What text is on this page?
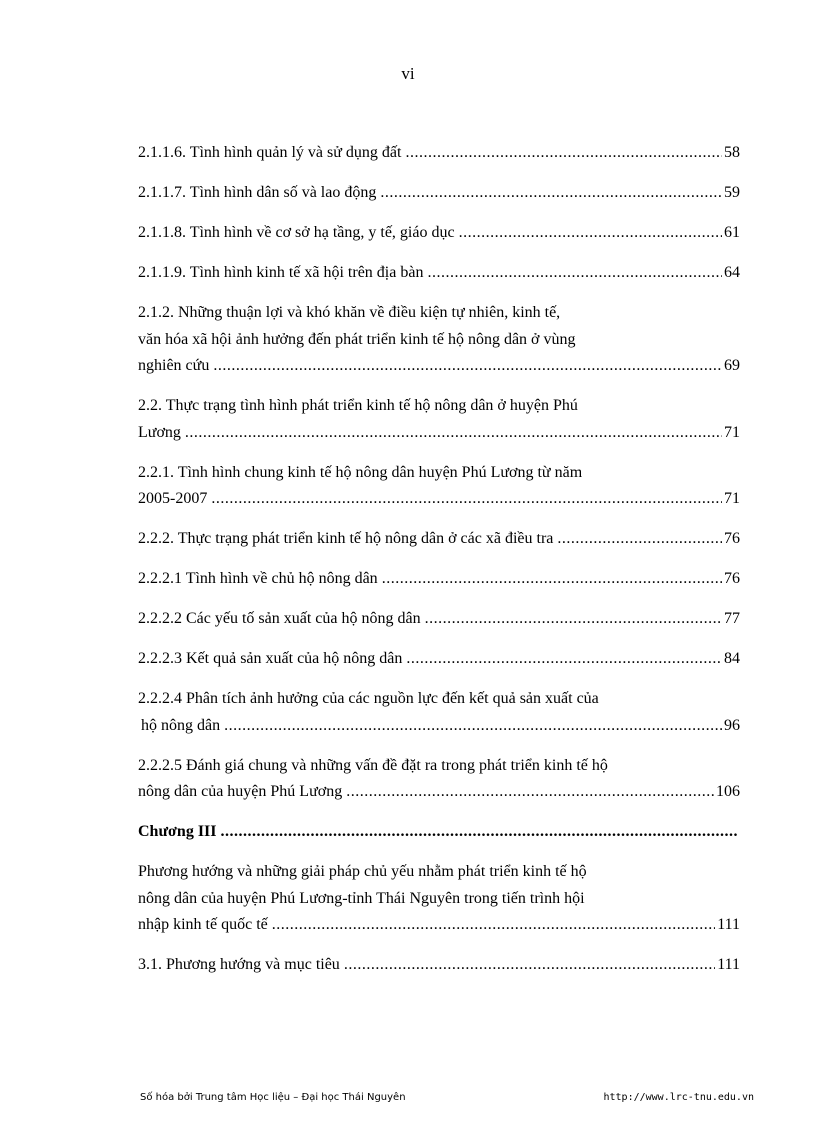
vi
2.1.1.6. Tình hình quản lý và sử dụng đất .....	58
2.1.1.7. Tình hình dân số và lao động .....	59
2.1.1.8. Tình hình về cơ sở hạ tầng, y tế, giáo dục .....	61
2.1.1.9. Tình hình kinh tế xã hội trên địa bàn .....	64
2.1.2. Những thuận lợi và khó khăn về điều kiện tự nhiên, kinh tế,
văn hóa xã hội ảnh hưởng đến phát triển kinh tế hộ nông dân ở vùng
nghiên cứu .....	69
2.2. Thực trạng tình hình phát triển kinh tế hộ nông dân ở huyện Phú
Lương .....	71
2.2.1. Tình hình chung kinh tế hộ nông dân huyện Phú Lương từ năm
2005-2007 .....	71
2.2.2. Thực trạng phát triển kinh tế hộ nông dân ở các xã điều tra .....	76
2.2.2.1 Tình hình về chủ hộ nông dân .....	76
2.2.2.2 Các yếu tố sản xuất của hộ nông dân .....	77
2.2.2.3 Kết quả sản xuất của hộ nông dân .....	84
2.2.2.4 Phân tích ảnh hưởng của các nguồn lực đến kết quả sản xuất của
hộ nông dân .....	96
2.2.2.5 Đánh giá chung và những vấn đề đặt ra trong phát triển kinh tế hộ
nông dân của huyện Phú Lương .....	106
Chương III
.....
Phương hướng và những giải pháp chủ yếu nhằm phát triển kinh tế hộ
nông dân của huyện Phú Lương-tỉnh Thái Nguyên trong tiến trình hội
nhập kinh tế quốc tế .....	111
3.1. Phương hướng và mục tiêu .....	111
Số hóa bởi Trung tâm Học liệu – Đại học Thái Nguyên	http://www.lrc-tnu.edu.vn
